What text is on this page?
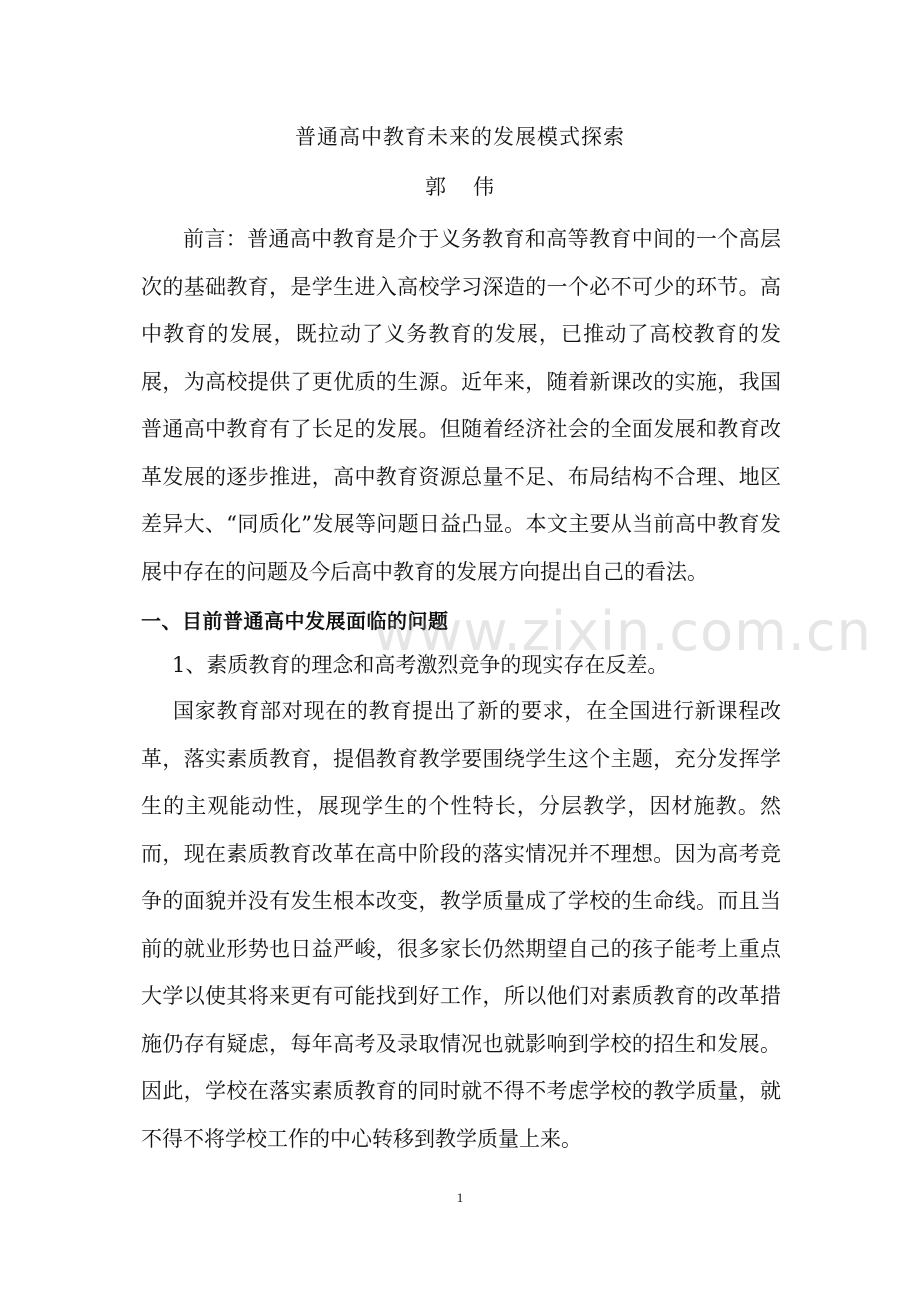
普通高中教育未来的发展模式探索
郭 伟

前言：普通高中教育是介于义务教育和高等教育中间的一个高层次的基础教育，是学生进入高校学习深造的一个必不可少的环节。高中教育的发展，既拉动了义务教育的发展，已推动了高校教育的发展，为高校提供了更优质的生源。近年来，随着新课改的实施，我国普通高中教育有了长足的发展。但随着经济社会的全面发展和教育改革发展的逐步推进，高中教育资源总量不足、布局结构不合理、地区差异大、“同质化”发展等问题日益凸显。本文主要从当前高中教育发展中存在的问题及今后高中教育的发展方向提出自己的看法。

一、目前普通高中发展面临的问题
www.zixin.com.cn
1、素质教育的理念和高考激烈竞争的现实存在反差。

国家教育部对现在的教育提出了新的要求，在全国进行新课程改革，落实素质教育，提倡教育教学要围绕学生这个主题，充分发挥学生的主观能动性，展现学生的个性特长，分层教学，因材施教。然而，现在素质教育改革在高中阶段的落实情况并不理想。因为高考竞争的面貌并没有发生根本改变，教学质量成了学校的生命线。而且当前的就业形势也日益严峻，很多家长仍然期望自己的孩子能考上重点大学以使其将来更有可能找到好工作，所以他们对素质教育的改革措施仍存有疑虑，每年高考及录取情况也就影响到学校的招生和发展。因此，学校在落实素质教育的同时就不得不考虑学校的教学质量，就不得不将学校工作的中心转移到教学质量上来。

1
